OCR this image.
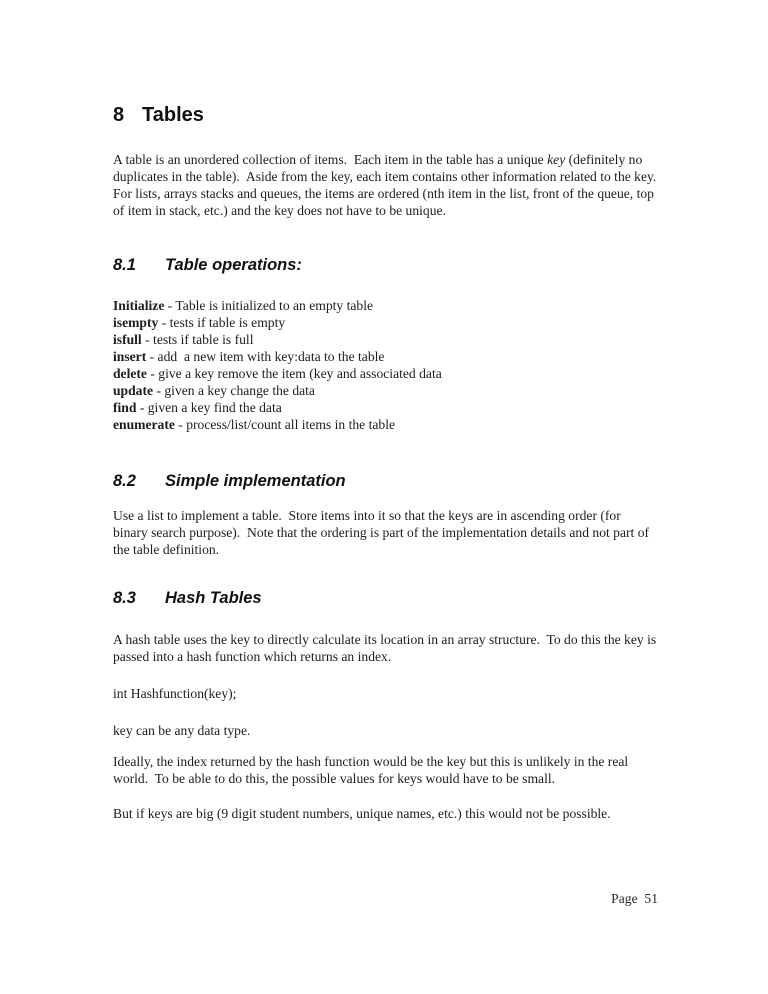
8 Tables

A table is an unordered collection of items.  Each item in the table has a unique key (definitely no duplicates in the table).  Aside from the key, each item contains other information related to the key.  For lists, arrays stacks and queues, the items are ordered (nth item in the list, front of the queue, top of item in stack, etc.) and the key does not have to be unique.

8.1 Table operations:
Initialize - Table is initialized to an empty table
isempty - tests if table is empty
isfull - tests if table is full
insert - add  a new item with key:data to the table
delete - give a key remove the item (key and associated data
update - given a key change the data
find - given a key find the data
enumerate - process/list/count all items in the table
8.2 Simple implementation

Use a list to implement a table.  Store items into it so that the keys are in ascending order (for binary search purpose).  Note that the ordering is part of the implementation details and not part of the table definition.

8.3 Hash Tables

A hash table uses the key to directly calculate its location in an array structure.  To do this the key is passed into a hash function which returns an index.

int Hashfunction(key);

key can be any data type.

Ideally, the index returned by the hash function would be the key but this is unlikely in the real world.  To be able to do this, the possible values for keys would have to be small.

But if keys are big (9 digit student numbers, unique names, etc.) this would not be possible.

Page  51
